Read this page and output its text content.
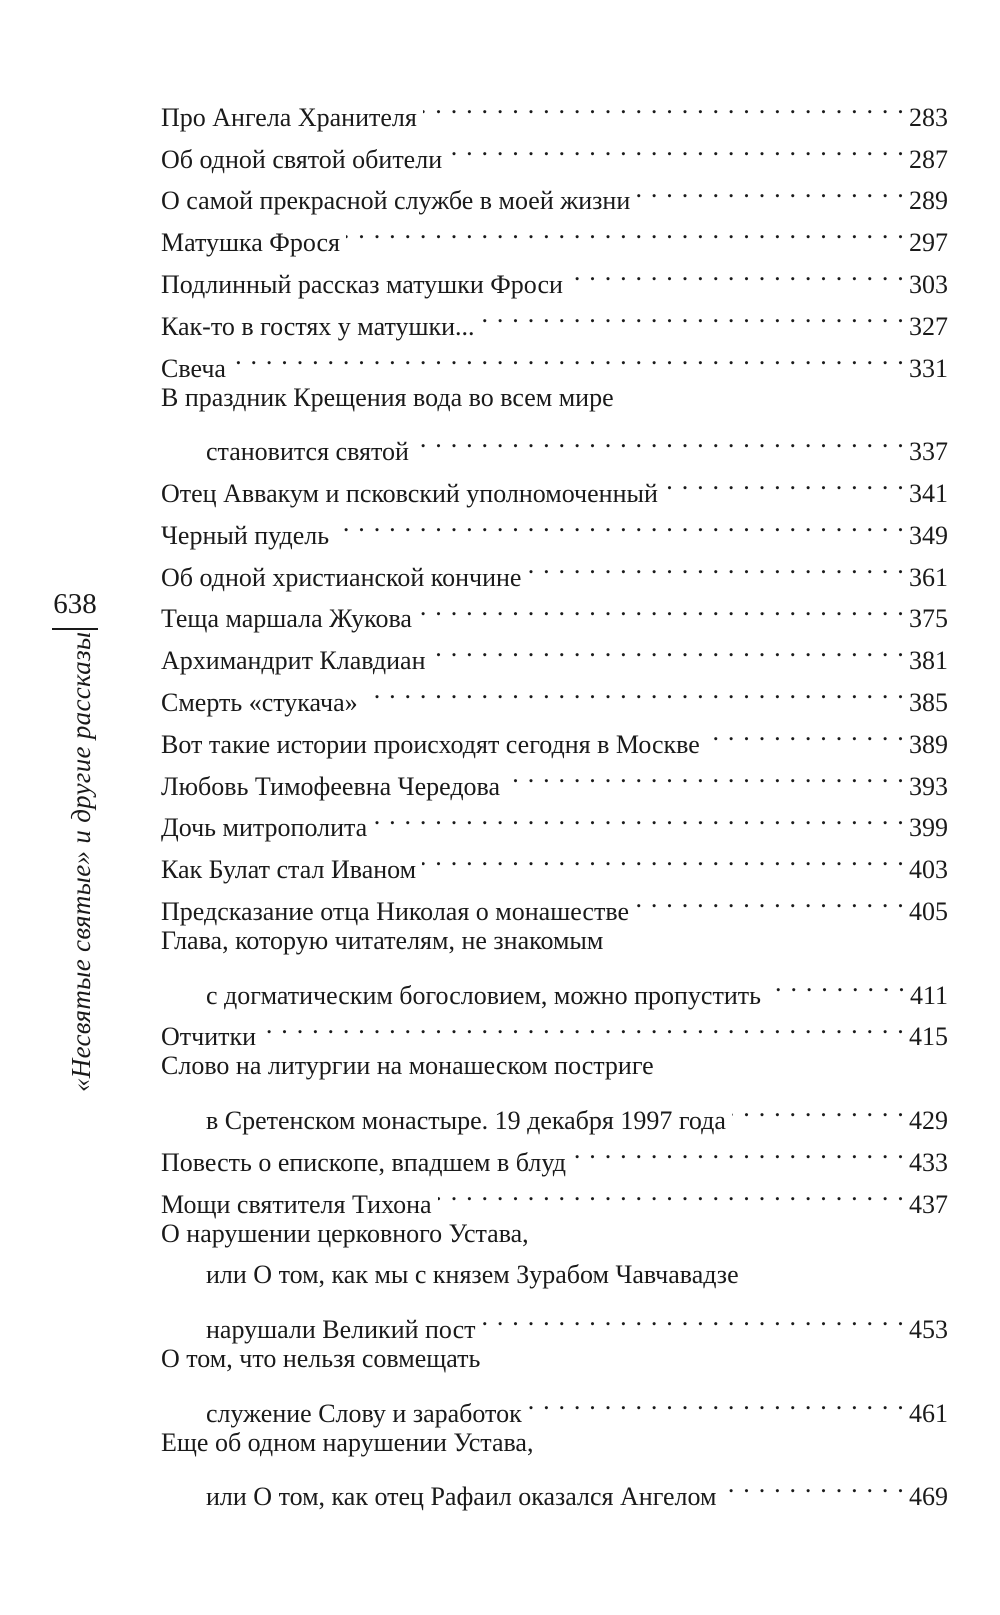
638
«Несвятые святые» и другие рассказы
Про Ангела Хранителя . . .	283
Об одной святой обители . . .	287
О самой прекрасной службе в моей жизни . . .	289
Матушка Фрося . . .	297
Подлинный рассказ матушки Фроси . . .	303
Как-то в гостях у матушки... . . .	327
Свеча . . .	331
В праздник Крещения вода во всем мире
становится святой . . .	337
Отец Аввакум и псковский уполномоченный . . .	341
Черный пудель . . .	349
Об одной христианской кончине . . .	361
Теща маршала Жукова . . .	375
Архимандрит Клавдиан . . .	381
Смерть «стукача» . . .	385
Вот такие истории происходят сегодня в Москве . . .	389
Любовь Тимофеевна Чередова . . .	393
Дочь митрополита . . .	399
Как Булат стал Иваном . . .	403
Предсказание отца Николая о монашестве . . .	405
Глава, которую читателям, не знакомым
с догматическим богословием, можно пропустить . . .	411
Отчитки . . .	415
Слово на литургии на монашеском постриге
в Сретенском монастыре. 19 декабря 1997 года . . .	429
Повесть о епископе, впадшем в блуд . . .	433
Мощи святителя Тихона . . .	437
О нарушении церковного Устава,
или О том, как мы с князем Зурабом Чавчавадзе
нарушали Великий пост . . .	453
О том, что нельзя совмещать
служение Слову и заработок . . .	461
Еще об одном нарушении Устава,
или О том, как отец Рафаил оказался Ангелом . . .	469
